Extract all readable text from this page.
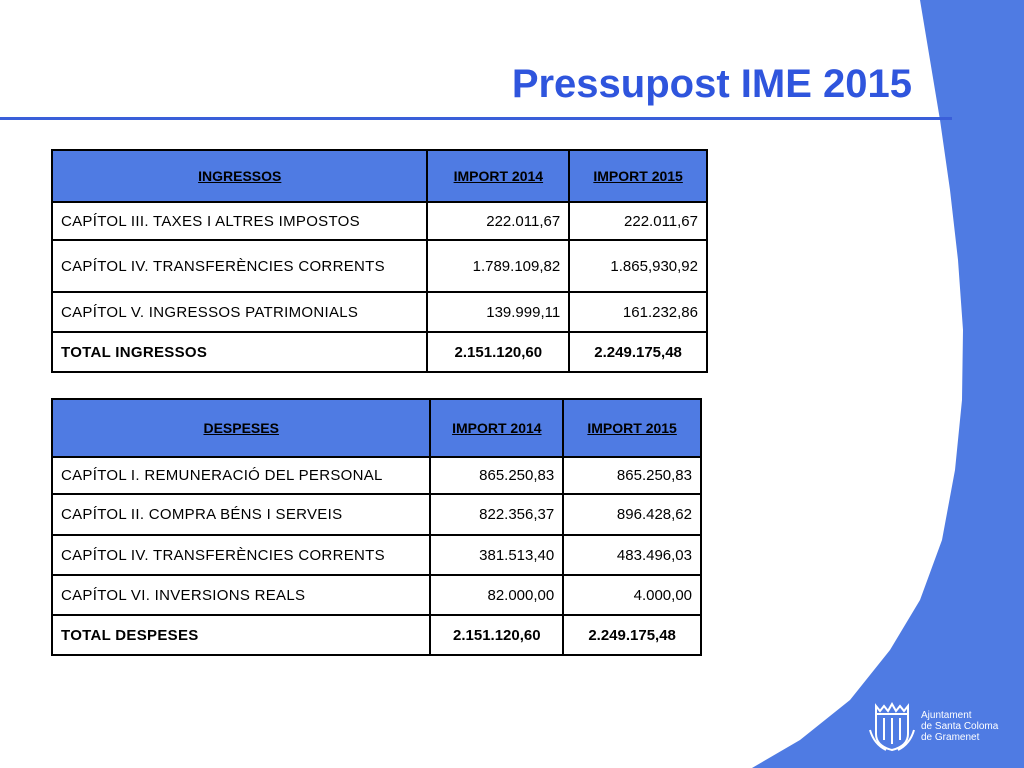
Pressupost IME 2015
INGRESSOS	IMPORT 2014	IMPORT 2015
CAPÍTOL III. TAXES I ALTRES IMPOSTOS	222.011,67	222.011,67
CAPÍTOL IV. TRANSFERÈNCIES CORRENTS	1.789.109,82	1.865,930,92
CAPÍTOL V. INGRESSOS PATRIMONIALS	139.999,11	161.232,86
TOTAL INGRESSOS	2.151.120,60	2.249.175,48
DESPESES	IMPORT 2014	IMPORT 2015
CAPÍTOL I. REMUNERACIÓ DEL PERSONAL	865.250,83	865.250,83
CAPÍTOL II. COMPRA BÉNS I SERVEIS	822.356,37	896.428,62
CAPÍTOL IV. TRANSFERÈNCIES CORRENTS	381.513,40	483.496,03
CAPÍTOL VI. INVERSIONS REALS	82.000,00	4.000,00
TOTAL DESPESES	2.151.120,60	2.249.175,48
Ajuntament
de Santa Coloma
de Gramenet
